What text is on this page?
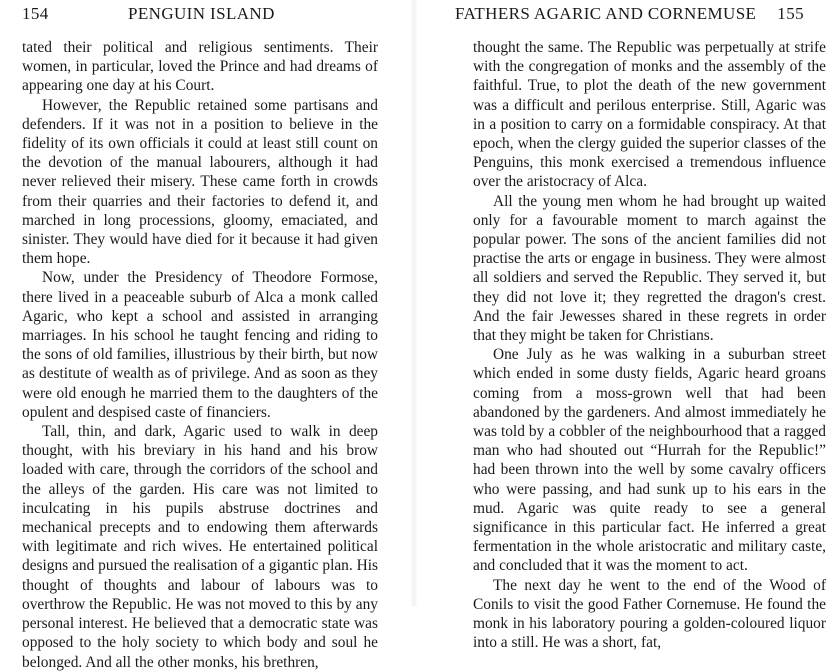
154	PENGUIN ISLAND

tated their political and religious sentiments. Their women, in particular, loved the Prince and had dreams of appearing one day at his Court.

However, the Republic retained some partisans and defenders. If it was not in a position to believe in the fidelity of its own officials it could at least still count on the devotion of the manual labourers, although it had never relieved their misery. These came forth in crowds from their quarries and their factories to defend it, and marched in long processions, gloomy, emaciated, and sinister. They would have died for it because it had given them hope.

Now, under the Presidency of Theodore Formose, there lived in a peaceable suburb of Alca a monk called Agaric, who kept a school and assisted in arranging marriages. In his school he taught fencing and riding to the sons of old families, illustrious by their birth, but now as destitute of wealth as of privilege. And as soon as they were old enough he married them to the daughters of the opulent and despised caste of financiers.

Tall, thin, and dark, Agaric used to walk in deep thought, with his breviary in his hand and his brow loaded with care, through the corridors of the school and the alleys of the garden. His care was not limited to inculcating in his pupils abstruse doctrines and mechanical precepts and to endowing them afterwards with legitimate and rich wives. He entertained political designs and pursued the realisation of a gigantic plan. His thought of thoughts and labour of labours was to overthrow the Republic. He was not moved to this by any personal interest. He believed that a democratic state was opposed to the holy society to which body and soul he belonged. And all the other monks, his brethren,

FATHERS AGARIC AND CORNEMUSE 155

thought the same. The Republic was perpetually at strife with the congregation of monks and the assembly of the faithful. True, to plot the death of the new government was a difficult and perilous enterprise. Still, Agaric was in a position to carry on a formidable conspiracy. At that epoch, when the clergy guided the superior classes of the Penguins, this monk exercised a tremendous influence over the aristocracy of Alca.

All the young men whom he had brought up waited only for a favourable moment to march against the popular power. The sons of the ancient families did not practise the arts or engage in business. They were almost all soldiers and served the Republic. They served it, but they did not love it; they regretted the dragon's crest. And the fair Jewesses shared in these regrets in order that they might be taken for Christians.

One July as he was walking in a suburban street which ended in some dusty fields, Agaric heard groans coming from a moss-grown well that had been abandoned by the gardeners. And almost immediately he was told by a cobbler of the neighbourhood that a ragged man who had shouted out “Hurrah for the Republic!” had been thrown into the well by some cavalry officers who were passing, and had sunk up to his ears in the mud. Agaric was quite ready to see a general significance in this particular fact. He inferred a great fermentation in the whole aristocratic and military caste, and concluded that it was the moment to act.

The next day he went to the end of the Wood of Conils to visit the good Father Cornemuse. He found the monk in his laboratory pouring a golden-coloured liquor into a still. He was a short, fat,
